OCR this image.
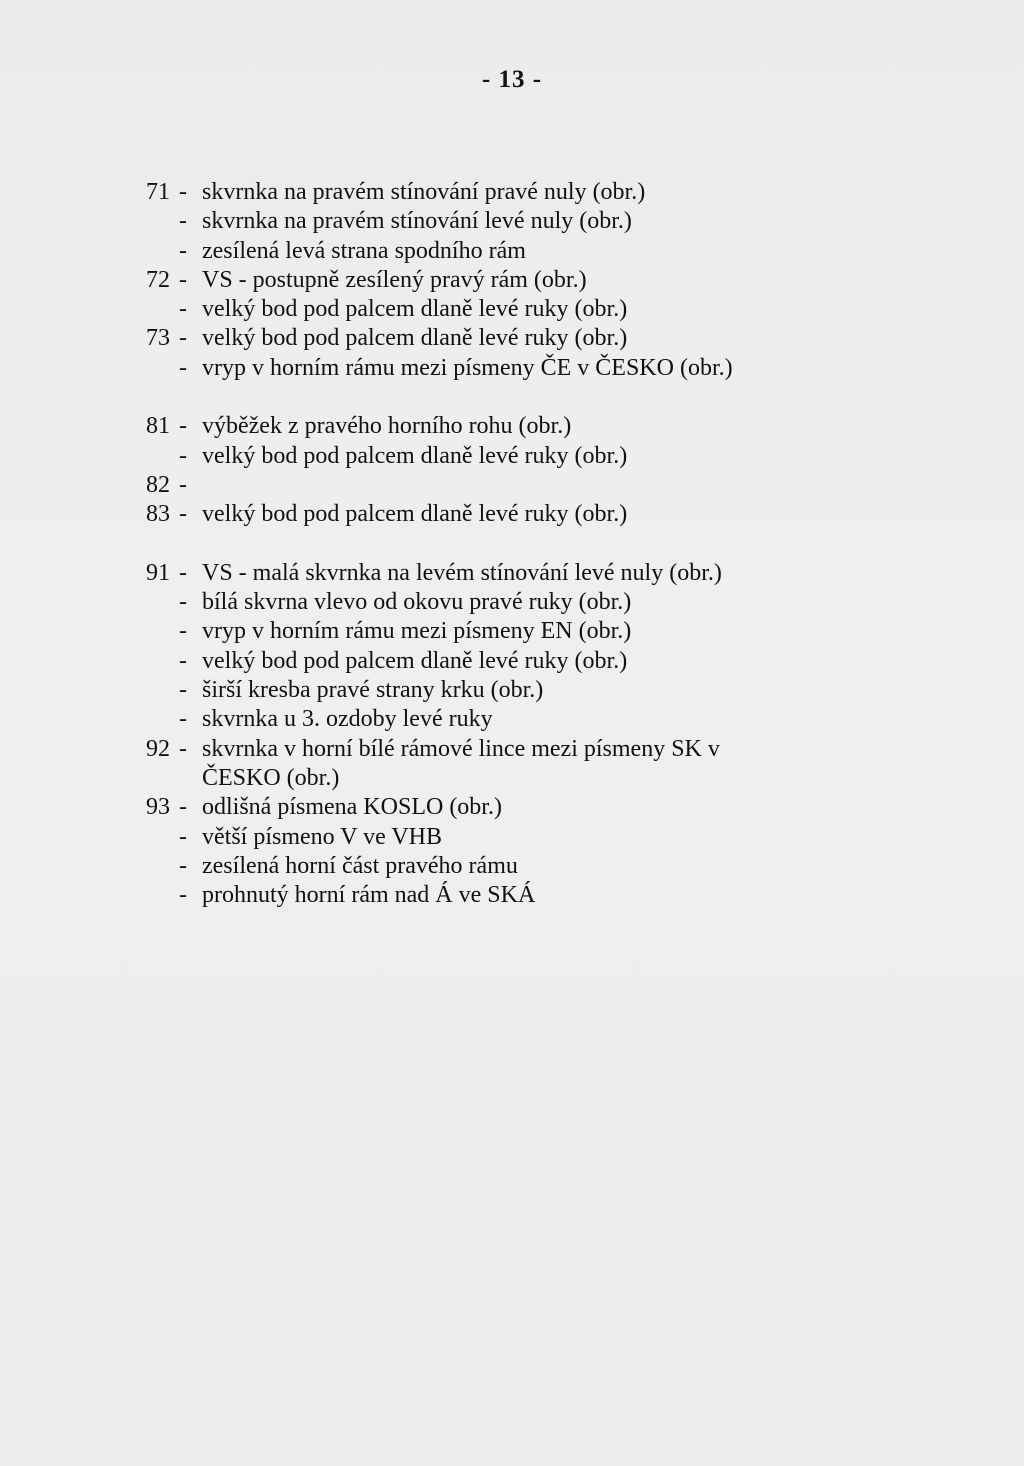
- 13 -
71 - skvrnka na pravém stínování pravé nuly (obr.)
- skvrnka na pravém stínování levé nuly (obr.)
- zesílená levá strana spodního rám
72 - VS - postupně zesílený pravý rám (obr.)
- velký bod pod palcem dlaně levé ruky (obr.)
73 - velký bod pod palcem dlaně levé ruky (obr.)
- vryp v horním rámu mezi písmeny ČE v ČESKO (obr.)
81 - výběžek z pravého horního rohu (obr.)
- velký bod pod palcem dlaně levé ruky (obr.)
82 -
83 - velký bod pod palcem dlaně levé ruky (obr.)
91 - VS - malá skvrnka na levém stínování levé nuly (obr.)
- bílá skvrna vlevo od okovu pravé ruky (obr.)
- vryp v horním rámu mezi písmeny EN (obr.)
- velký bod pod palcem dlaně levé ruky (obr.)
- širší kresba pravé strany krku (obr.)
- skvrnka u 3. ozdoby levé ruky
92 - skvrnka v horní bílé rámové lince mezi písmeny SK v
ČESKO (obr.)
93 - odlišná písmena KOSLO (obr.)
- větší písmeno V ve VHB
- zesílená horní část pravého rámu
- prohnutý horní rám nad Á ve SKÁ
